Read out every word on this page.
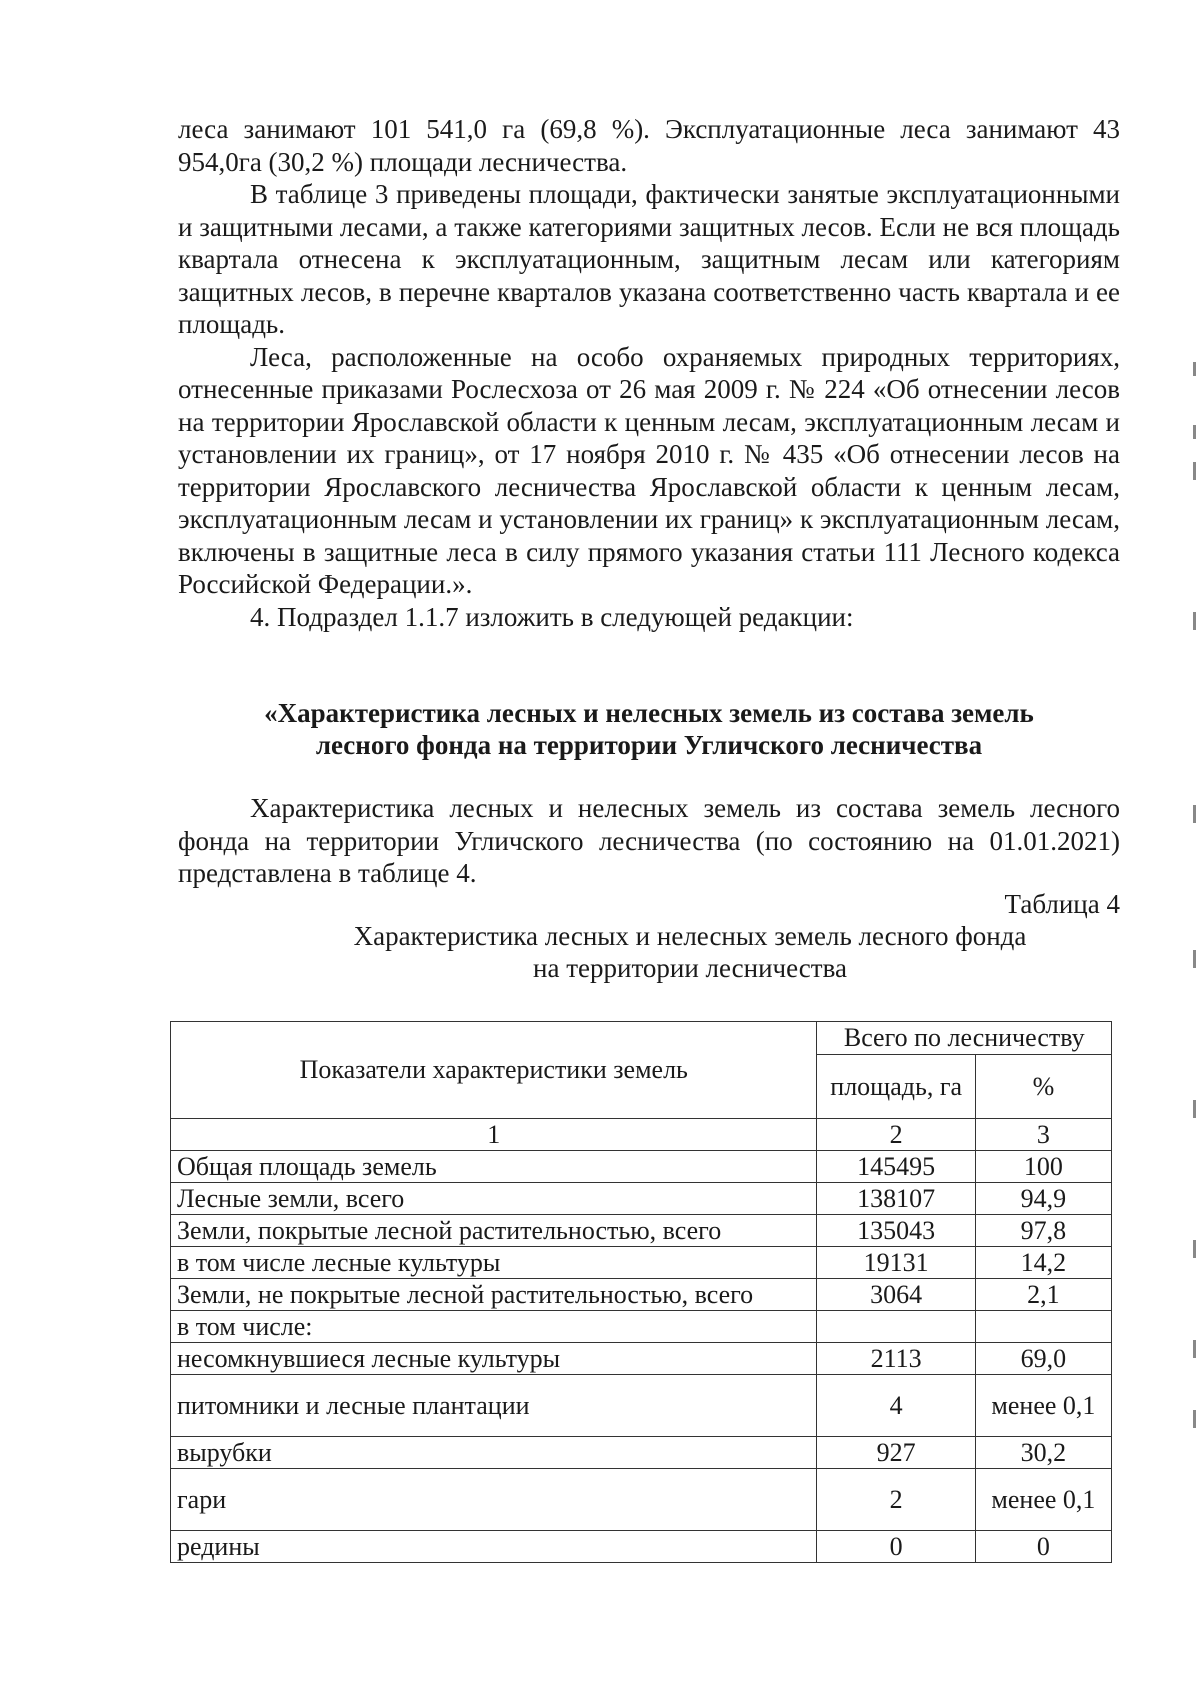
леса занимают 101 541,0 га (69,8 %). Эксплуатационные леса занимают 43 954,0га (30,2 %) площади лесничества.

В таблице 3 приведены площади, фактически занятые эксплуатационными и защитными лесами, а также категориями защитных лесов. Если не вся площадь квартала отнесена к эксплуатационным, защитным лесам или категориям защитных лесов, в перечне кварталов указана соответственно часть квартала и ее площадь.

Леса, расположенные на особо охраняемых природных территориях, отнесенные приказами Рослесхоза от 26 мая 2009 г. № 224 «Об отнесении лесов на территории Ярославской области к ценным лесам, эксплуатационным лесам и установлении их границ», от 17 ноября 2010 г. № 435 «Об отнесении лесов на территории Ярославского лесничества Ярославской области к ценным лесам, эксплуатационным лесам и установлении их границ» к эксплуатационным лесам, включены в защитные леса в силу прямого указания статьи 111 Лесного кодекса Российской Федерации.».

4. Подраздел 1.1.7 изложить в следующей редакции:

«Характеристика лесных и нелесных земель из состава земель
лесного фонда на территории Угличского лесничества

Характеристика лесных и нелесных земель из состава земель лесного фонда на территории Угличского лесничества (по состоянию на 01.01.2021) представлена в таблице 4.

Таблица 4
Характеристика лесных и нелесных земель лесного фонда
на территории лесничества
Показатели характеристики земель	Всего по лесничеству	
	площадь, га	%
1	2	3
Общая площадь земель	145495	100
Лесные земли, всего	138107	94,9
Земли, покрытые лесной растительностью, всего	135043	97,8
в том числе лесные культуры	19131	14,2
Земли, не покрытые лесной растительностью, всего	3064	2,1
в том числе:		
несомкнувшиеся лесные культуры	2113	69,0
питомники и лесные плантации	4	менее 0,1
вырубки	927	30,2
гари	2	менее 0,1
редины	0	0
